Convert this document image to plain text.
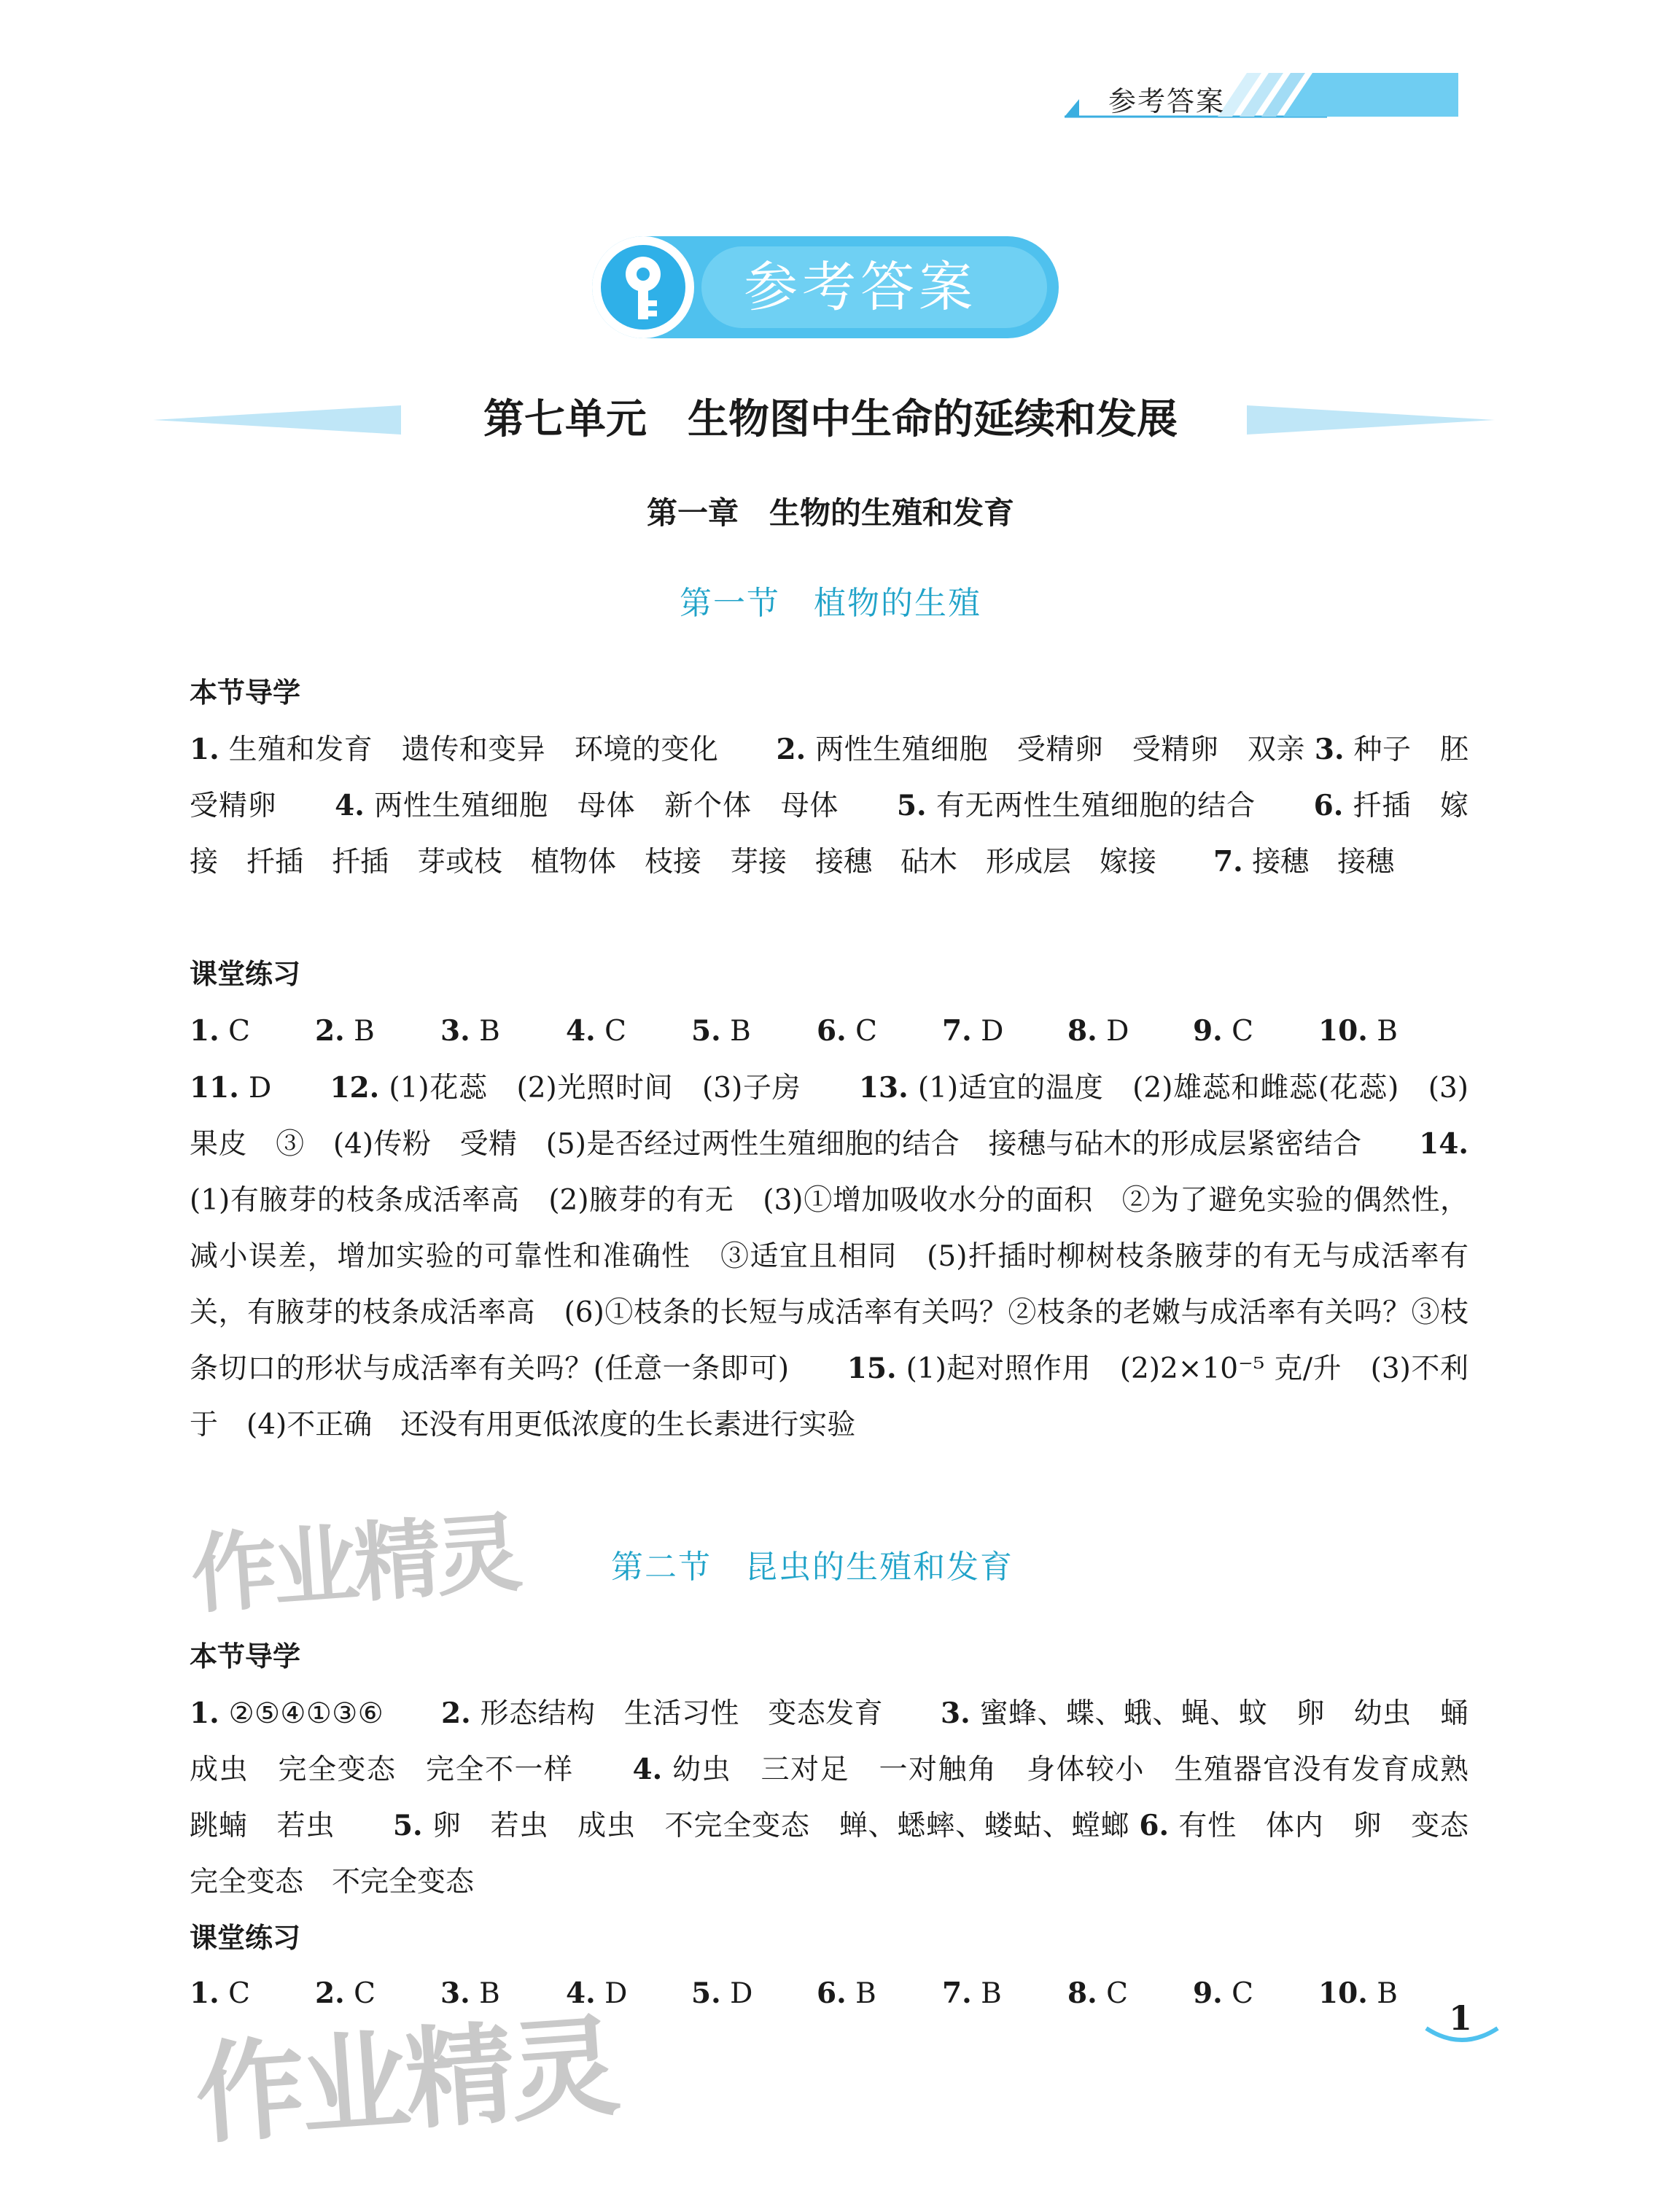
参考答案
参考答案
第七单元　生物图中生命的延续和发展
第一章　生物的生殖和发育
第一节　植物的生殖
本节导学

1. 生殖和发育　遗传和变异　环境的变化　　2. 两性生殖细胞　受精卵　受精卵　双亲 3. 种子　胚　受精卵　　4. 两性生殖细胞　母体　新个体　母体　　5. 有无两性生殖细胞的结合　　6. 扦插　嫁接　扦插　扦插　芽或枝　植物体　枝接　芽接　接穗　砧木　形成层　嫁接　　7. 接穗　接穗

课堂练习
1. C 2. B 3. B 4. C 5. B 6. C 7. D 8. D 9. C 10. B

11. D　　12. (1)花蕊　(2)光照时间　(3)子房　　13. (1)适宜的温度　(2)雄蕊和雌蕊(花蕊)　(3)果皮　③　(4)传粉　受精　(5)是否经过两性生殖细胞的结合　接穗与砧木的形成层紧密结合　　14. (1)有腋芽的枝条成活率高　(2)腋芽的有无　(3)①增加吸收水分的面积　②为了避免实验的偶然性，减小误差，增加实验的可靠性和准确性　③适宜且相同　(5)扦插时柳树枝条腋芽的有无与成活率有关，有腋芽的枝条成活率高　(6)①枝条的长短与成活率有关吗？②枝条的老嫩与成活率有关吗？③枝条切口的形状与成活率有关吗？(任意一条即可)　　15. (1)起对照作用　(2)2×10⁻⁵ 克/升　(3)不利于　(4)不正确　还没有用更低浓度的生长素进行实验

作业精灵	第二节　昆虫的生殖和发育
本节导学

1. ②⑤④①③⑥　　2. 形态结构　生活习性　变态发育　　3. 蜜蜂、蝶、蛾、蝇、蚊　卵　幼虫　蛹　成虫　完全变态　完全不一样　　4. 幼虫　三对足　一对触角　身体较小　生殖器官没有发育成熟　跳蝻　若虫　　5. 卵　若虫　成虫　不完全变态　蝉、蟋蟀、蝼蛄、螳螂 6. 有性　体内　卵　变态　完全变态　不完全变态

课堂练习
1. C 2. C 3. B 4. D 5. D 6. B 7. B 8. C 9. C 10. B
作业精灵	1
